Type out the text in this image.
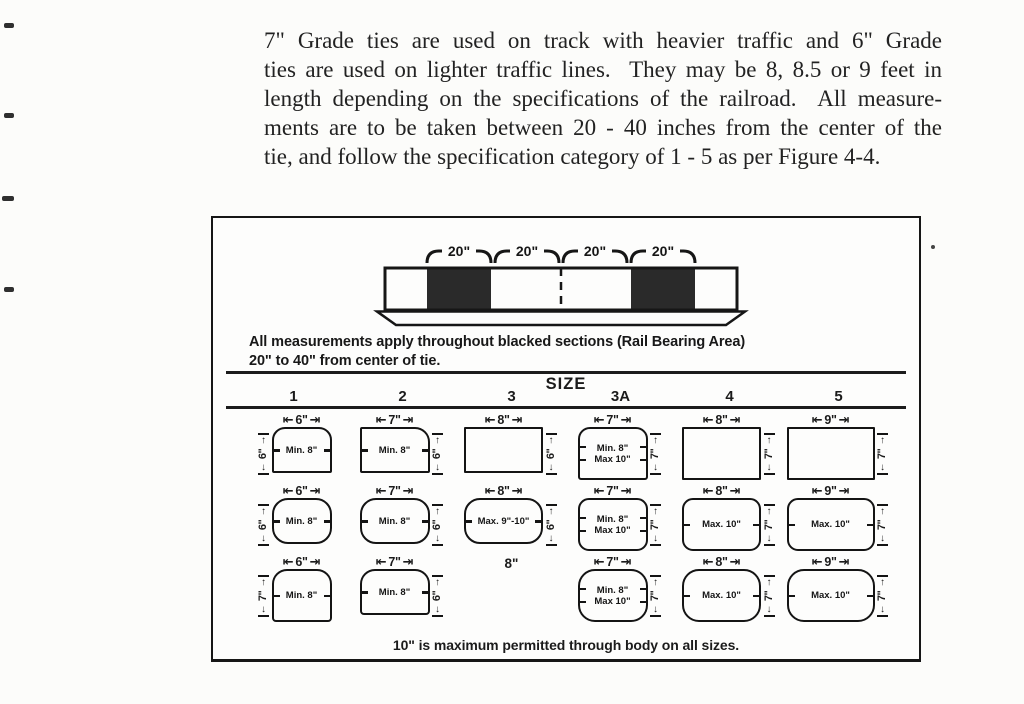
7" Grade ties are used on track with heavier traffic and 6" Grade
ties are used on lighter traffic lines.  They may be 8, 8.5 or 9 feet in
length depending on the specifications of the railroad.  All measure-
ments are to be taken between 20 - 40 inches from the center of the
tie, and follow the specification category of 1 - 5 as per Figure 4-4.
20"	20"	20"	20"
All measurements apply throughout blacked sections (Rail Bearing Area)
20" to 40" from center of tie.
SIZE
1	2	3	3A	4	5
↑
6"
↓
⇤ 6" ⇥
Min. 8"
⇤ 7" ⇥
Min. 8"
↑
6"
↓
⇤ 8" ⇥
↑
6"
↓
⇤ 7" ⇥
Min. 8"
Max 10"
↑
7"
↓
⇤ 8" ⇥
↑
7"
↓
⇤ 9" ⇥
↑
7"
↓
↑
6"
↓
⇤ 6" ⇥
Min. 8"
⇤ 7" ⇥
Min. 8"
↑
6"
↓
⇤ 8" ⇥
Max. 9"-10"
↑
6"
↓
⇤ 7" ⇥
Min. 8"
Max 10"
↑
7"
↓
⇤ 8" ⇥
Max. 10"
↑
7"
↓
⇤ 9" ⇥
Max. 10"
↑
7"
↓
↑
7"
↓
⇤ 6" ⇥
Min. 8"
⇤ 7" ⇥
Min. 8"
↑
6"
↓
8"	⇤ 7" ⇥
Min. 8"
Max 10"
↑
7"
↓
⇤ 8" ⇥
Max. 10"
↑
7"
↓
⇤ 9" ⇥
Max. 10"
↑
7"
↓
10" is maximum permitted through body on all sizes.
